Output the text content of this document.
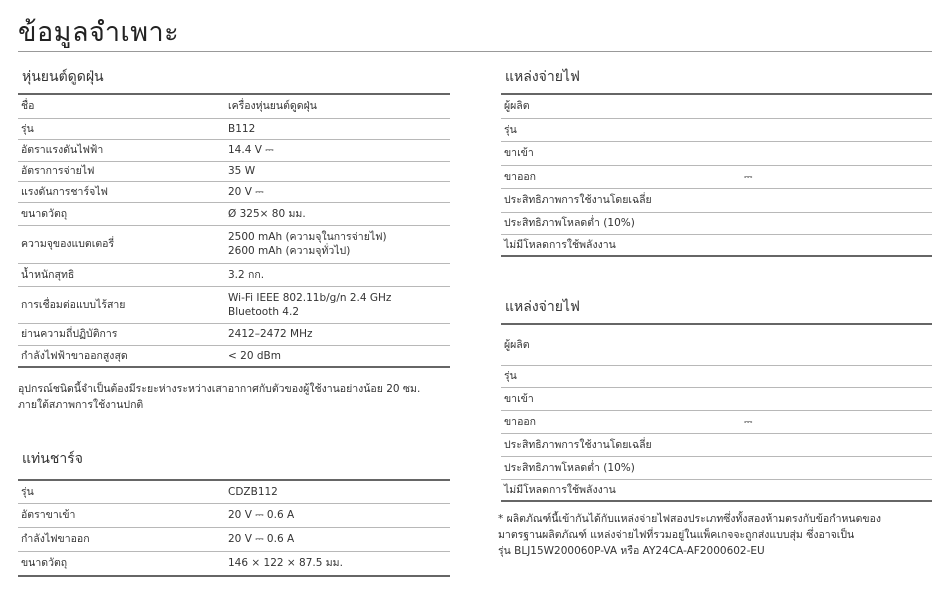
ข้อมูลจำเพาะ
หุ่นยนต์ดูดฝุ่น
ชื่อ	เครื่องหุ่นยนต์ดูดฝุ่น
รุ่น	B112
อัตราแรงดันไฟฟ้า	14.4 V ⎓
อัตราการจ่ายไฟ	35 W
แรงดันการชาร์จไฟ	20 V ⎓
ขนาดวัตถุ	Ø 325× 80 มม.
ความจุของแบตเตอรี่	2500 mAh (ความจุในการจ่ายไฟ)
2600 mAh (ความจุทั่วไป)

น้ำหนักสุทธิ	3.2 กก.
การเชื่อมต่อแบบไร้สาย	Wi-Fi IEEE 802.11b/g/n 2.4 GHz
Bluetooth 4.2

ย่านความถี่ปฏิบัติการ	2412–2472 MHz
กำลังไฟฟ้าขาออกสูงสุด	< 20 dBm

อุปกรณ์ชนิดนี้จำเป็นต้องมีระยะห่างระหว่างเสาอากาศกับตัวของผู้ใช้งานอย่างน้อย 20 ซม.
ภายใต้สภาพการใช้งานปกติ

แท่นชาร์จ
รุ่น	CDZB112
อัตราขาเข้า	20 V ⎓ 0.6 A
กำลังไฟขาออก	20 V ⎓ 0.6 A
ขนาดวัตถุ	146 × 122 × 87.5 มม.
แหล่งจ่ายไฟ
ผู้ผลิต	
รุ่น	
ขาเข้า	
ขาออก	⎓
ประสิทธิภาพการใช้งานโดยเฉลี่ย	
ประสิทธิภาพโหลดต่ำ (10%)	
ไม่มีโหลดการใช้พลังงาน	
แหล่งจ่ายไฟ
ผู้ผลิต	
รุ่น	
ขาเข้า	
ขาออก	⎓
ประสิทธิภาพการใช้งานโดยเฉลี่ย	
ประสิทธิภาพโหลดต่ำ (10%)	
ไม่มีโหลดการใช้พลังงาน	

* ผลิตภัณฑ์นี้เข้ากันได้กับแหล่งจ่ายไฟสองประเภทซึ่งทั้งสองห้ามตรงกับข้อกำหนดของ
มาตรฐานผลิตภัณฑ์ แหล่งจ่ายไฟที่รวมอยู่ในแพ็คเกจจะถูกส่งแบบสุ่ม ซึ่งอาจเป็น
รุ่น BLJ15W200060P-VA หรือ AY24CA-AF2000602-EU
